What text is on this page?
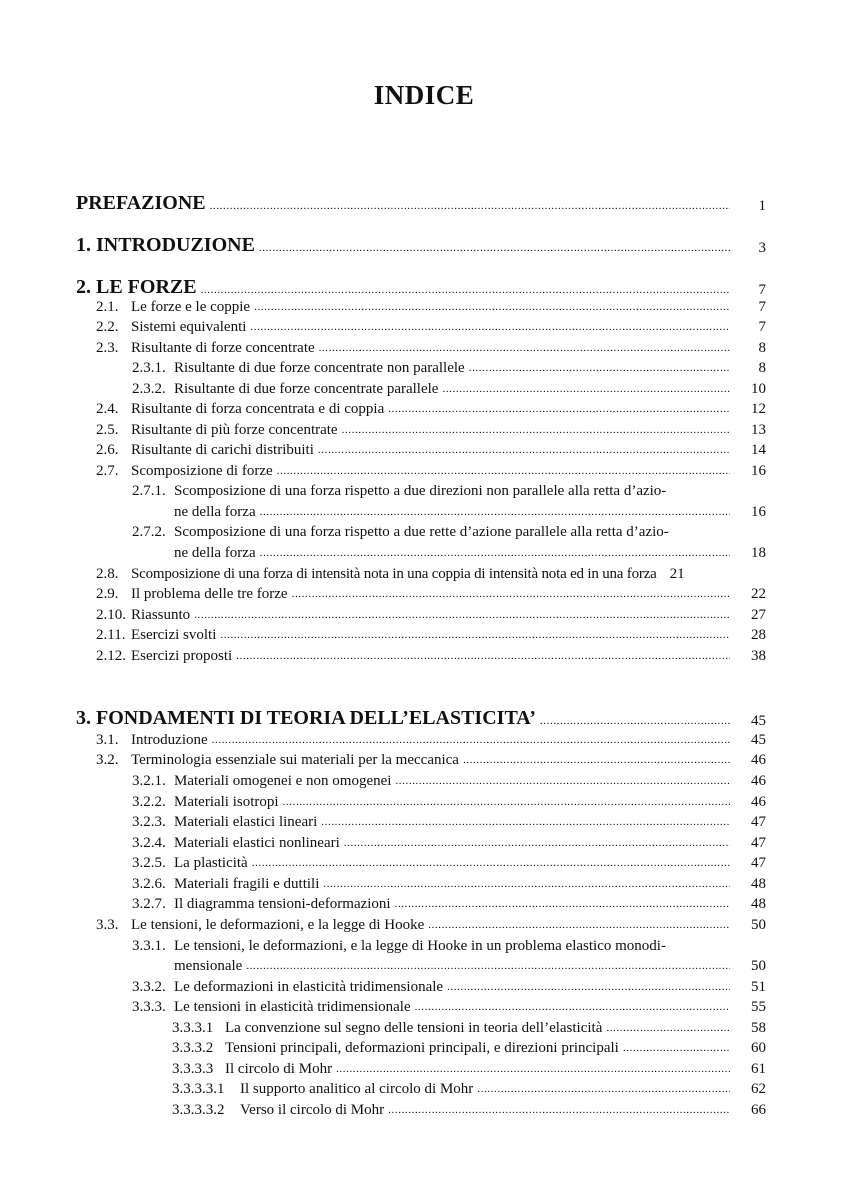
INDICE
PREFAZIONE .....	1
1. INTRODUZIONE .....	3
2. LE FORZE .....	7
2.1. Le forze e le coppie .....	7
2.2. Sistemi equivalenti .....	7
2.3. Risultante di forze concentrate .....	8
2.3.1. Risultante di due forze concentrate non parallele .....	8
2.3.2. Risultante di due forze concentrate parallele .....	10
2.4. Risultante di forza concentrata e di coppia .....	12
2.5. Risultante di più forze concentrate .....	13
2.6. Risultante di carichi distribuiti .....	14
2.7. Scomposizione di forze .....	16
2.7.1. Scomposizione di una forza rispetto a due direzioni non parallele alla retta d’azio-
ne della forza .....	16
2.7.2. Scomposizione di una forza rispetto a due rette d’azione parallele alla retta d’azio-
ne della forza .....	18
2.8. Scomposizione di una forza di intensità nota in una coppia di intensità nota ed in una forza 21
2.9. Il problema delle tre forze .....	22
2.10. Riassunto .....	27
2.11. Esercizi svolti .....	28
2.12. Esercizi proposti .....	38
3. FONDAMENTI DI TEORIA DELL’ELASTICITA’ .....	45
3.1. Introduzione .....	45
3.2. Terminologia essenziale sui materiali per la meccanica .....	46
3.2.1. Materiali omogenei e non omogenei .....	46
3.2.2. Materiali isotropi .....	46
3.2.3. Materiali elastici lineari .....	47
3.2.4. Materiali elastici nonlineari .....	47
3.2.5. La plasticità .....	47
3.2.6. Materiali fragili e duttili .....	48
3.2.7. Il diagramma tensioni-deformazioni .....	48
3.3. Le tensioni, le deformazioni, e la legge di Hooke .....	50
3.3.1. Le tensioni, le deformazioni, e la legge di Hooke in un problema elastico monodi-
mensionale .....	50
3.3.2. Le deformazioni in elasticità tridimensionale .....	51
3.3.3. Le tensioni in elasticità tridimensionale .....	55
3.3.3.1 La convenzione sul segno delle tensioni in teoria dell’elasticità .....	58
3.3.3.2 Tensioni principali, deformazioni principali, e direzioni principali .....	60
3.3.3.3 Il circolo di Mohr .....	61
3.3.3.3.1	Il supporto analitico al circolo di Mohr .....	62
3.3.3.3.2	Verso il circolo di Mohr .....	66
